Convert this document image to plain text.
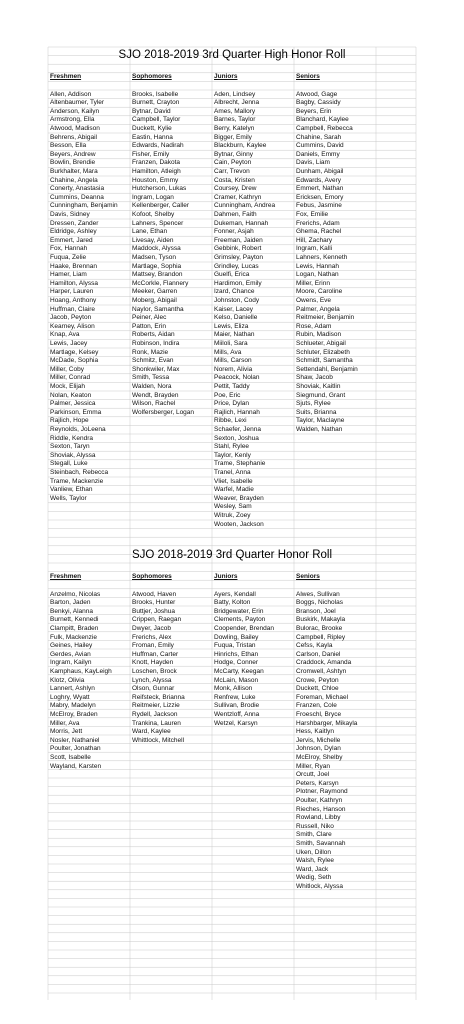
Freshmen
Allen, Addison
Altenbaumer, Tyler
Anderson, Kailyn
Armstrong, Ella
Atwood, Madison
Behrens, Abigail
Besson, Ella
Beyers, Andrew
Bowlin, Brendie
Burkhalter, Mara
Chahine, Angela
Conerty, Anastasia
Cummins, Deanna
Cunningham, Benjamin
Davis, Sidney
Dressen, Zander
Eldridge, Ashley
Emmert, Jared
Fox, Hannah
Fuqua, Zelie
Haake, Brennan
Hamer, Liam
Hamilton, Alyssa
Harper, Lauren
Hoang, Anthony
Huffman, Claire
Jacob, Peyton
Kearney, Alison
Knap, Ava
Lewis, Jacey
Martlage, Kelsey
McDade, Sophia
Miller, Coby
Miller, Conrad
Mock, Elijah
Nolan, Keaton
Palmer, Jessica
Parkinson, Emma
Rajlich, Hope
Reynolds, JoLeena
Riddle, Kendra
Sexton, Taryn
Shoviak, Alyssa
Stegall, Luke
Steinbach, Rebecca
Trame, Mackenzie
Vanliew, Ethan
Wells, Taylor
Sophomores
Brooks, Isabelle
Burnett, Crayton
Bytnar, David
Campbell, Taylor
Duckett, Kylie
Eastin, Hanna
Edwards, Nadirah
Fisher, Emily
Franzen, Dakota
Hamilton, Atleigh
Houston, Emmy
Hutcherson, Lukas
Ingram, Logan
Kellenberger, Caller
Kofoot, Shelby
Lahners, Spencer
Lane, Ethan
Livesay, Aiden
Maddock, Alyssa
Madsen, Tyson
Martlage, Sophia
Mattsey, Brandon
McCorkle, Flannery
Meeker, Garren
Moberg, Abigail
Naylor, Samantha
Peiner, Alec
Patton, Erin
Roberts, Aidan
Robinson, Indira
Ronk, Mazie
Schmitz, Evan
Shonkwiler, Max
Smith, Tessa
Walden, Nora
Wendt, Brayden
Wilson, Rachel
Wolfersberger, Logan
Juniors
Aden, Lindsey
Albrecht, Jenna
Ames, Mallory
Barnes, Taylor
Berry, Katelyn
Bigger, Emily
Blackburn, Kaylee
Bytnar, Ginny
Cain, Peyton
Carr, Trevon
Costa, Kristen
Coursey, Drew
Cramer, Kathryn
Cunningham, Andrea
Dahmen, Faith
Dukeman, Hannah
Fonner, Asjah
Freeman, Jaiden
Gebbink, Robert
Grimsley, Payton
Grindley, Lucas
Guelfi, Erica
Hardimon, Emily
Izard, Chance
Johnston, Cody
Kaiser, Lacey
Kelso, Danielle
Lewis, Eliza
Maier, Nathan
Miiloli, Sara
Mills, Ava
Mills, Carson
Norem, Alivia
Peacock, Nolan
Pettit, Taddy
Poe, Eric
Price, Dylan
Rajlich, Hannah
Ribbe, Lexi
Schaefer, Jenna
Sexton, Joshua
Stahl, Rylee
Taylor, Kenly
Trame, Stephanie
Tranel, Anna
Vliet, Isabelle
Warfel, Madie
Weaver, Brayden
Wesley, Sam
Witruk, Zoey
Wooten, Jackson
Seniors
Atwood, Gage
Bagby, Cassidy
Beyers, Erin
Blanchard, Kaylee
Campbell, Rebecca
Chahine, Sarah
Cummins, David
Daniels, Emmy
Davis, Liam
Dunham, Abigail
Edwards, Avery
Emmert, Nathan
Ericksen, Emory
Febus, Jasmine
Fox, Emilie
Frerichs, Adam
Ghema, Rachel
Hill, Zachary
Ingram, Kalli
Lahners, Kenneth
Lewis, Hannah
Logan, Nathan
Miller, Erinn
Moore, Caroline
Owens, Eve
Palmer, Angela
Reitmeier, Benjamin
Rose, Adam
Rubin, Madison
Schlueter, Abigail
Schluter, Elizabeth
Schmidt, Samantha
Settendahl, Benjamin
Shaw, Jacob
Shoviak, Kaitlin
Siegmund, Grant
Sjuts, Rylee
Suits, Brianna
Taylor, Maclayne
Walden, Nathan
Freshmen
Anzelmo, Nicolas
Barton, Jaden
Benkyi, Alanna
Burnett, Kennedi
Clampitt, Braden
Fulk, Mackenzie
Geines, Hailey
Gerdes, Avian
Ingram, Kailyn
Kamphaus, KayLeigh
Klotz, Olivia
Lannert, Ashlyn
Loghry, Wyatt
Mabry, Madelyn
McElroy, Braden
Miller, Ava
Morris, Jett
Nosler, Nathaniel
Poulter, Jonathan
Scott, Isabelle
Wayland, Karsten
Sophomores
Atwood, Haven
Brooks, Hunter
Buttjer, Joshua
Crippen, Raegan
Dwyer, Jacob
Frerichs, Alex
Froman, Emily
Huffman, Carter
Knott, Hayden
Loschen, Brock
Lynch, Alyssa
Olson, Gunnar
Reifsteck, Brianna
Reitmeier, Lizzie
Rydell, Jackson
Trankina, Lauren
Ward, Kaylee
Whittlock, Mitchell
Juniors
Ayers, Kendall
Batty, Kolton
Bridgewater, Erin
Clements, Payton
Coopender, Brendan
Dowling, Bailey
Fuqua, Tristan
Hinrichs, Ethan
Hodge, Conner
McCarty, Keegan
McLain, Mason
Monk, Allison
Renfrew, Luke
Sullivan, Brodie
Wentzloff, Anna
Wetzel, Karsyn
Seniors
Alwes, Sullivan
Boggs, Nicholas
Branson, Joel
Buskirk, Makayla
Bulorac, Brooke
Campbell, Ripley
Cefss, Kayla
Carlson, Daniel
Craddock, Amanda
Cromwell, Ashtyn
Crowe, Peyton
Duckett, Chloe
Foreman, Michael
Franzen, Cole
Froeschl, Bryce
Harshbarger, Mikayla
Hess, Kaitlyn
Jervis, Michelle
Johnson, Dylan
McElroy, Shelby
Miller, Ryan
Orcutt, Joel
Peters, Karsyn
Plotner, Raymond
Poulter, Kathryn
Rieches, Hanson
Rowland, Libby
Russell, Niko
Smith, Clare
Smith, Savannah
Uken, Dillon
Walsh, Rylee
Ward, Jack
Wedig, Seth
Whitlock, Alyssa
SJO 2018-2019 3rd Quarter High Honor Roll
SJO 2018-2019 3rd Quarter Honor Roll
